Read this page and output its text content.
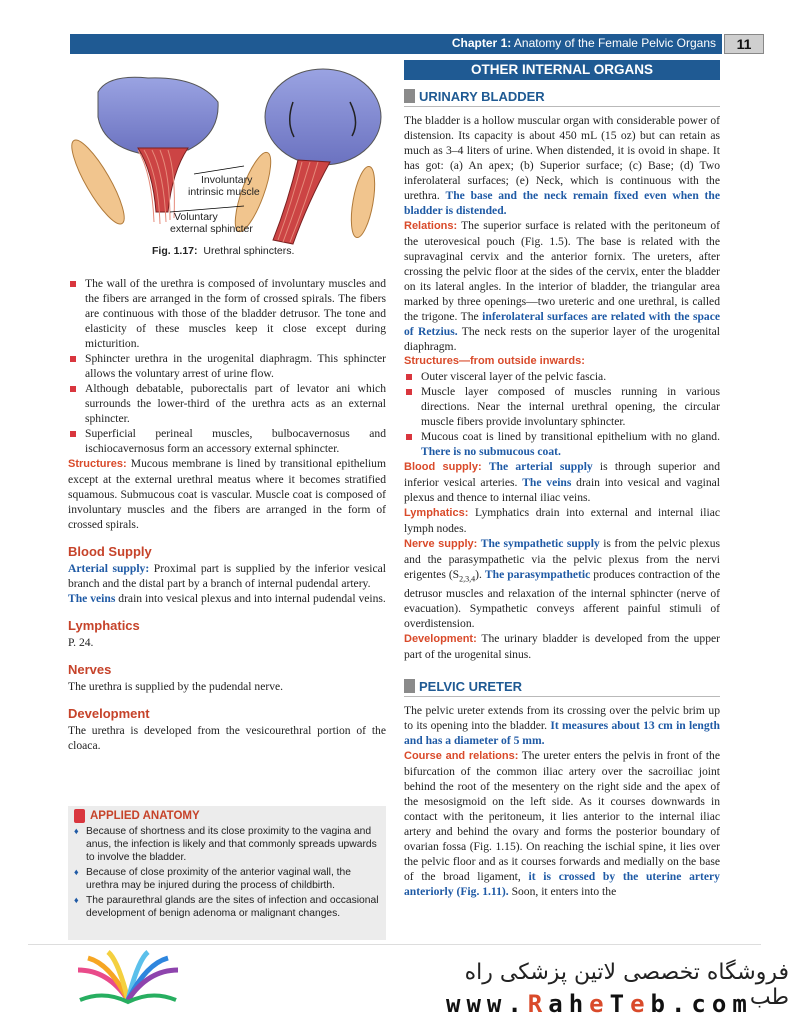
Chapter 1: Anatomy of the Female Pelvic Organs	11
Involuntary
intrinsic muscle
Voluntary
external sphincter
Fig. 1.17: Urethral sphincters.
The wall of the urethra is composed of involuntary muscles and the fibers are arranged in the form of crossed spirals. The fibers are continuous with those of the bladder detrusor. The tone and elasticity of these muscles keep it close except during micturition.
Sphincter urethra in the urogenital diaphragm. This sphincter allows the voluntary arrest of urine flow.
Although debatable, puborectalis part of levator ani which surrounds the lower-third of the urethra acts as an external sphincter.
Superficial perineal muscles, bulbocavernosus and ischiocavernosus form an accessory external sphincter.

Structures: Mucous membrane is lined by transitional epithelium except at the external urethral meatus where it becomes stratified squamous. Submucous coat is vascular. Muscle coat is composed of involuntary muscles and the fibers are arranged in the form of crossed spirals.

Blood Supply

Arterial supply: Proximal part is supplied by the inferior vesical branch and the distal part by a branch of internal pudendal artery.

The veins drain into vesical plexus and into internal pudendal veins.

Lymphatics

P. 24.

Nerves

The urethra is supplied by the pudendal nerve.

Development

The urethra is developed from the vesicourethral portion of the cloaca.

APPLIED ANATOMY
♦ Because of shortness and its close proximity to the vagina and anus, the infection is likely and that commonly spreads upwards to involve the bladder.
♦ Because of close proximity of the anterior vaginal wall, the urethra may be injured during the process of childbirth.
♦ The paraurethral glands are the sites of infection and occasional development of benign adenoma or malignant changes.
OTHER INTERNAL ORGANS
URINARY BLADDER

The bladder is a hollow muscular organ with considerable power of distension. Its capacity is about 450 mL (15 oz) but can retain as much as 3–4 liters of urine. When distended, it is ovoid in shape. It has got: (a) An apex; (b) Superior surface; (c) Base; (d) Two inferolateral surfaces; (e) Neck, which is continuous with the urethra. The base and the neck remain fixed even when the bladder is distended.

Relations: The superior surface is related with the peritoneum of the uterovesical pouch (Fig. 1.5). The base is related with the supravaginal cervix and the anterior fornix. The ureters, after crossing the pelvic floor at the sides of the cervix, enter the bladder on its lateral angles. In the interior of bladder, the triangular area marked by three openings—two ureteric and one urethral, is called the trigone. The inferolateral surfaces are related with the space of Retzius. The neck rests on the superior layer of the urogenital diaphragm.

Structures—from outside inwards:

Outer visceral layer of the pelvic fascia.
Muscle layer composed of muscles running in various directions. Near the internal urethral opening, the circular muscle fibers provide involuntary sphincter.
Mucous coat is lined by transitional epithelium with no gland. There is no submucous coat.

Blood supply: The arterial supply is through superior and inferior vesical arteries. The veins drain into vesical and vaginal plexus and thence to internal iliac veins.

Lymphatics: Lymphatics drain into external and internal iliac lymph nodes.

Nerve supply: The sympathetic supply is from the pelvic plexus and the parasympathetic via the pelvic plexus from the nervi erigentes $(S_{2,3,4})$. The parasympathetic produces contraction of the detrusor muscles and relaxation of the internal sphincter (nerve of evacuation). Sympathetic conveys afferent painful stimuli of overdistension.

Development: The urinary bladder is developed from the upper part of the urogenital sinus.

PELVIC URETER

The pelvic ureter extends from its crossing over the pelvic brim up to its opening into the bladder. It measures about 13 cm in length and has a diameter of 5 mm.

Course and relations: The ureter enters the pelvis in front of the bifurcation of the common iliac artery over the sacroiliac joint behind the root of the mesentery on the right side and the apex of the mesosigmoid on the left side. As it courses downwards in contact with the peritoneum, it lies anterior to the internal iliac artery and behind the ovary and forms the posterior boundary of ovarian fossa (Fig. 1.15). On reaching the ischial spine, it lies over the pelvic floor and as it courses forwards and medially on the base of the broad ligament, it is crossed by the uterine artery anteriorly (Fig. 1.11). Soon, it enters into the

فروشگاه تخصصی لاتین پزشکی راه طب
www.RaheTeb.com
